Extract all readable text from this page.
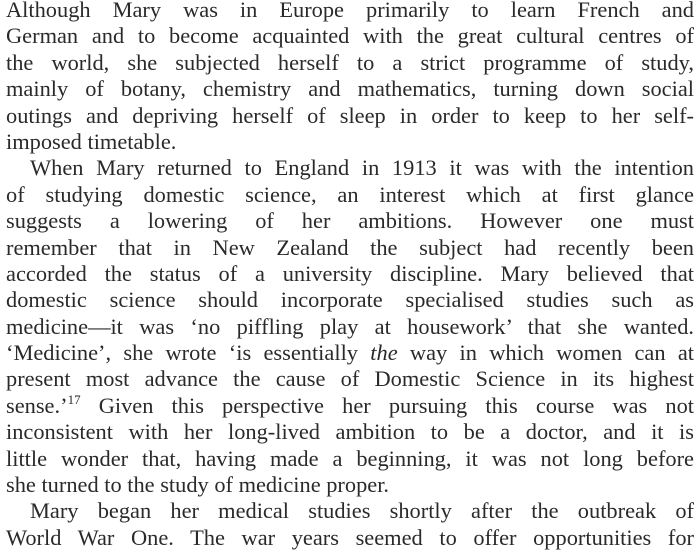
Although Mary was in Europe primarily to learn French and
German and to become acquainted with the great cultural centres of
the world, she subjected herself to a strict programme of study,
mainly of botany, chemistry and mathematics, turning down social
outings and depriving herself of sleep in order to keep to her self-
imposed timetable.
When Mary returned to England in 1913 it was with the intention
of studying domestic science, an interest which at first glance
suggests a lowering of her ambitions. However one must
remember that in New Zealand the subject had recently been
accorded the status of a university discipline. Mary believed that
domestic science should incorporate specialised studies such as
medicine—it was ‘no piffling play at housework’ that she wanted.
‘Medicine’, she wrote ‘is essentially the way in which women can at
present most advance the cause of Domestic Science in its highest
sense.’$^{17}$ Given this perspective her pursuing this course was not
inconsistent with her long-lived ambition to be a doctor, and it is
little wonder that, having made a beginning, it was not long before
she turned to the study of medicine proper.
Mary began her medical studies shortly after the outbreak of
World War One. The war years seemed to offer opportunities for
